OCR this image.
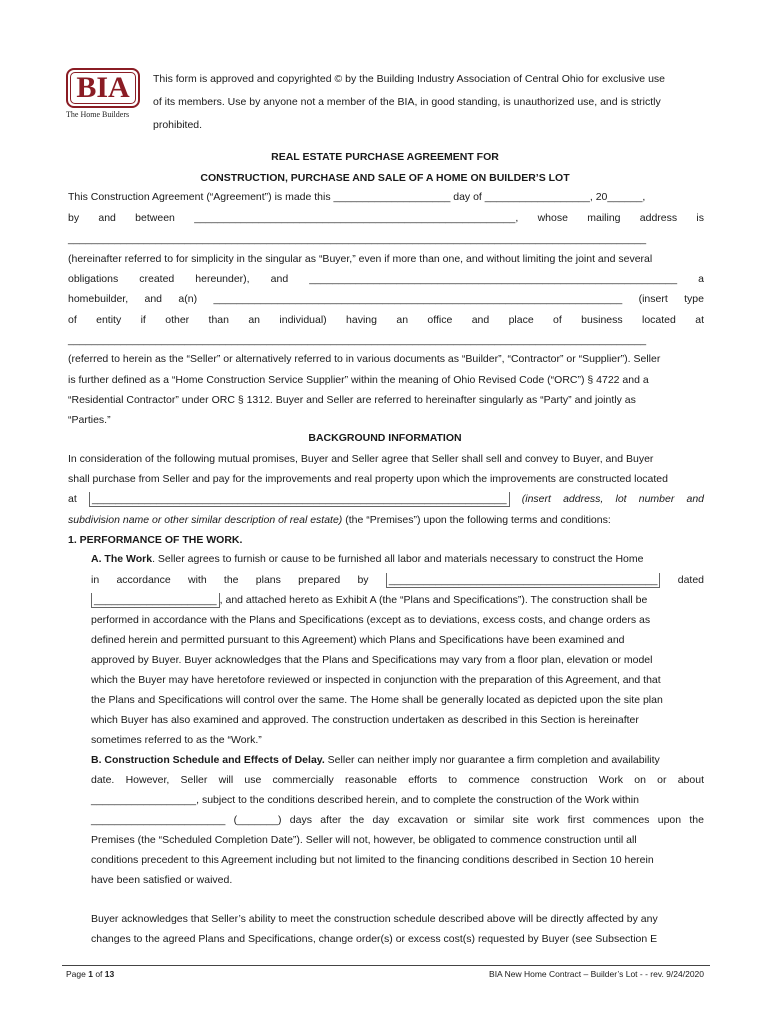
BIA
The Home Builders
This form is approved and copyrighted © by the Building Industry Association of Central Ohio for exclusive use
of its members. Use by anyone not a member of the BIA, in good standing, is unauthorized use, and is strictly
prohibited.
REAL ESTATE PURCHASE AGREEMENT FOR
CONSTRUCTION, PURCHASE AND SALE OF A HOME ON BUILDER’S LOT
This Construction Agreement (“Agreement”) is made this ____________________ day of __________________, 20______,
by and between _______________________________________________________, whose mailing address is
___________________________________________________________________________________________________
(hereinafter referred to for simplicity in the singular as “Buyer,” even if more than one, and without limiting the joint and several
obligations created hereunder), and _______________________________________________________________ a
homebuilder, and a(n) ______________________________________________________________________ (insert type
of entity if other than an individual) having an office and place of business located at
___________________________________________________________________________________________________
(referred to herein as the “Seller” or alternatively referred to in various documents as “Builder”, “Contractor” or “Supplier”). Seller
is further defined as a “Home Construction Service Supplier” within the meaning of Ohio Revised Code (“ORC”) § 4722 and a
“Residential Contractor” under ORC § 1312. Buyer and Seller are referred to hereinafter singularly as “Party” and jointly as
“Parties.”
BACKGROUND INFORMATION
In consideration of the following mutual promises, Buyer and Seller agree that Seller shall sell and convey to Buyer, and Buyer
shall purchase from Seller and pay for the improvements and real property upon which the improvements are constructed located
at _______________________________________________________________________ (insert address, lot number and
subdivision name or other similar description of real estate) (the “Premises”) upon the following terms and conditions:
1. PERFORMANCE OF THE WORK.
A. The Work. Seller agrees to furnish or cause to be furnished all labor and materials necessary to construct the Home
in accordance with the plans prepared by ______________________________________________ dated
_____________________ , and attached hereto as Exhibit A (the “Plans and Specifications”). The construction shall be
performed in accordance with the Plans and Specifications (except as to deviations, excess costs, and change orders as
defined herein and permitted pursuant to this Agreement) which Plans and Specifications have been examined and
approved by Buyer. Buyer acknowledges that the Plans and Specifications may vary from a floor plan, elevation or model
which the Buyer may have heretofore reviewed or inspected in conjunction with the preparation of this Agreement, and that
the Plans and Specifications will control over the same. The Home shall be generally located as depicted upon the site plan
which Buyer has also examined and approved. The construction undertaken as described in this Section is hereinafter
sometimes referred to as the “Work.”
B. Construction Schedule and Effects of Delay. Seller can neither imply nor guarantee a firm completion and availability
date. However, Seller will use commercially reasonable efforts to commence construction Work on or about
__________________, subject to the conditions described herein, and to complete the construction of the Work within
_______________________ (_______) days after the day excavation or similar site work first commences upon the
Premises (the “Scheduled Completion Date”). Seller will not, however, be obligated to commence construction until all
conditions precedent to this Agreement including but not limited to the financing conditions described in Section 10 herein
have been satisfied or waived.
Buyer acknowledges that Seller’s ability to meet the construction schedule described above will be directly affected by any
changes to the agreed Plans and Specifications, change order(s) or excess cost(s) requested by Buyer (see Subsection E
Page 1 of 13	BIA New Home Contract – Builder’s Lot - - rev. 9/24/2020
